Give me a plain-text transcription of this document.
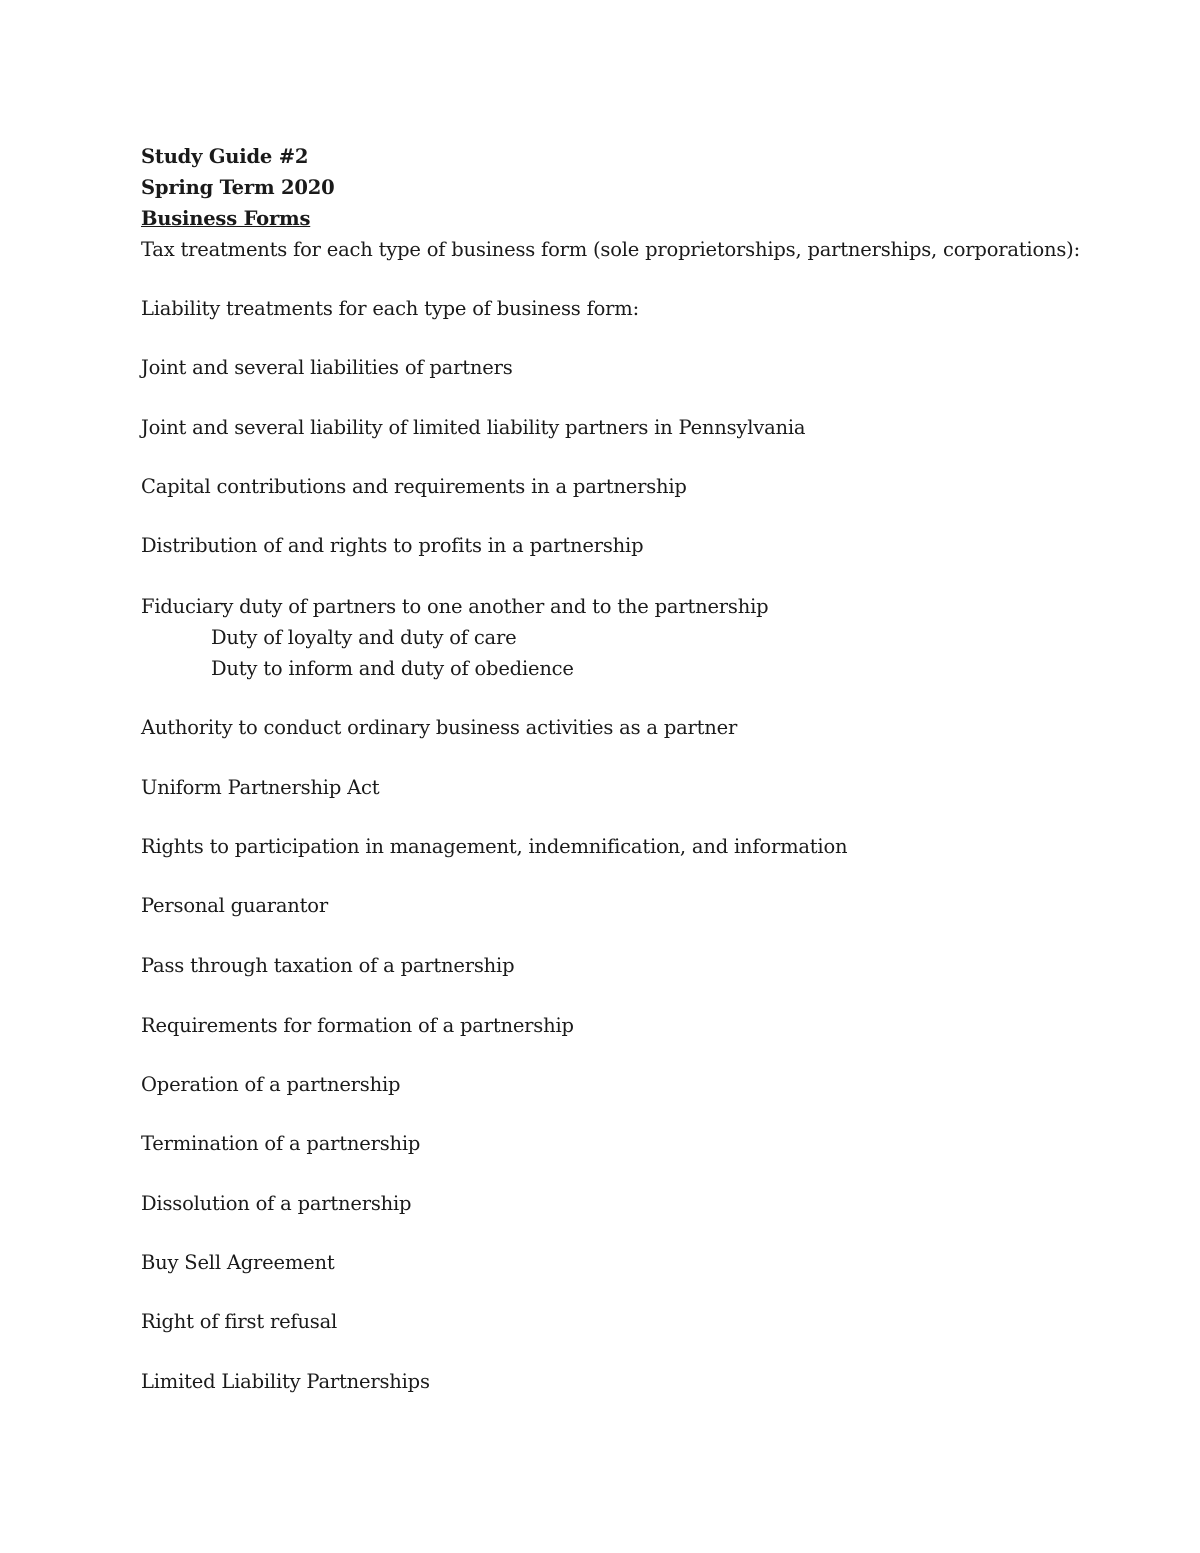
Study Guide #2
Spring Term 2020
Business Forms
Tax treatments for each type of business form (sole proprietorships, partnerships, corporations):
Liability treatments for each type of business form:
Joint and several liabilities of partners
Joint and several liability of limited liability partners in Pennsylvania
Capital contributions and requirements in a partnership
Distribution of and rights to profits in a partnership
Fiduciary duty of partners to one another and to the partnership
Duty of loyalty and duty of care
Duty to inform and duty of obedience
Authority to conduct ordinary business activities as a partner
Uniform Partnership Act
Rights to participation in management, indemnification, and information
Personal guarantor
Pass through taxation of a partnership
Requirements for formation of a partnership
Operation of a partnership
Termination of a partnership
Dissolution of a partnership
Buy Sell Agreement
Right of first refusal
Limited Liability Partnerships
